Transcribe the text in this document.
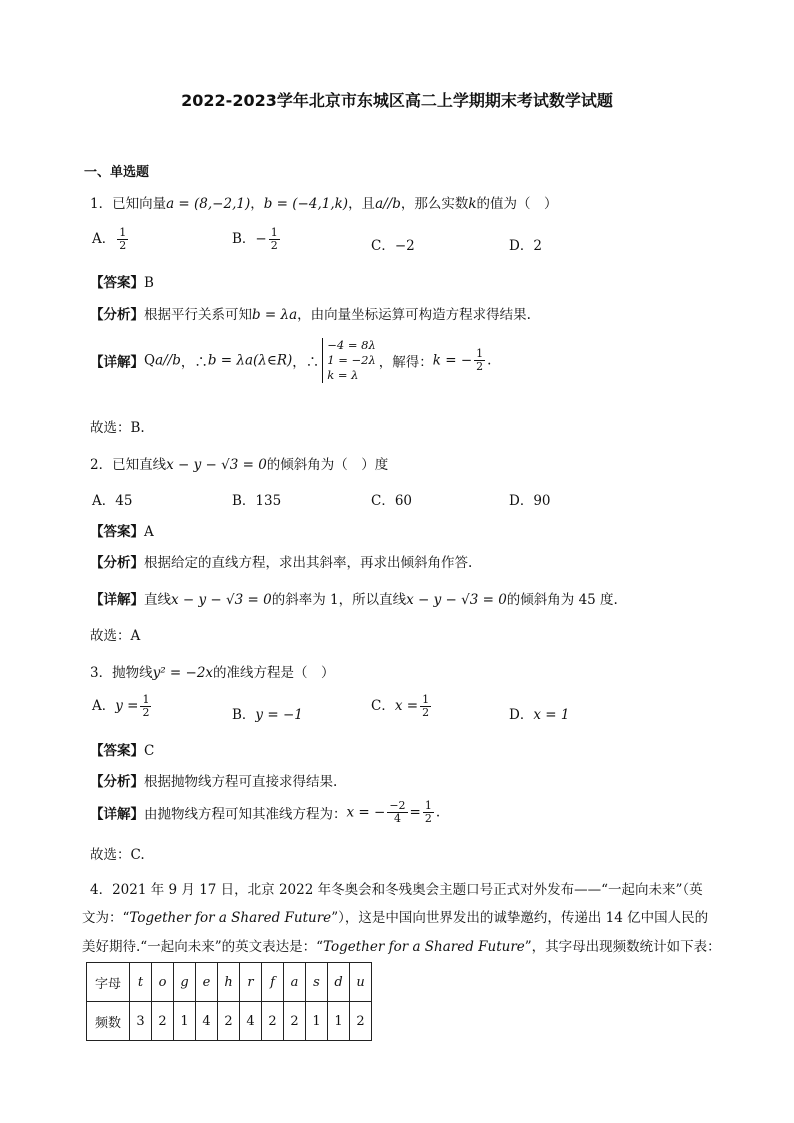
2022-2023学年北京市东城区高二上学期期末考试数学试题
一、单选题
1．已知向量a = (8,−2,1)，b = (−4,1,k)，且a//b，那么实数k的值为（　）
A． $\frac{1}{2}$	B．− $\frac{1}{2}$	C．−2	D．2
【答案】B
【分析】根据平行关系可知b = λa，由向量坐标运算可构造方程求得结果.
【详解】Qa//b，∴b = λa(λ∈R)，∴
−4 = 8λ
1 = −2λ
k = λ
，解得：k = − $\frac{1}{2}$ .
故选：B.
2．已知直线x − y − √3 = 0的倾斜角为（　）度
A．45	B．135	C．60	D．90
【答案】A
【分析】根据给定的直线方程，求出其斜率，再求出倾斜角作答.
【详解】直线x − y − √3 = 0的斜率为 1，所以直线x − y − √3 = 0的倾斜角为 45 度.
故选：A
3．抛物线y² = −2x的准线方程是（　）
A．$y = \frac{1}{2}$	B．y = −1
C．$x = \frac{1}{2}$	D．x = 1
【答案】C
【分析】根据抛物线方程可直接求得结果.
【详解】由抛物线方程可知其准线方程为：x = − $\frac{-2}{4} = \frac{1}{2}$ .
故选：C.
4．2021 年 9 月 17 日，北京 2022 年冬奥会和冬残奥会主题口号正式对外发布——“一起向未来”（英
文为：“Together for a Shared Future”），这是中国向世界发出的诚挚邀约，传递出 14 亿中国人民的
美好期待.“一起向未来”的英文表达是：“Together for a Shared Future”，其字母出现频数统计如下表：
字母	t	o	g	e	h	r	f	a	s	d	u
频数	3	2	1	4	2	4	2	2	1	1	2
